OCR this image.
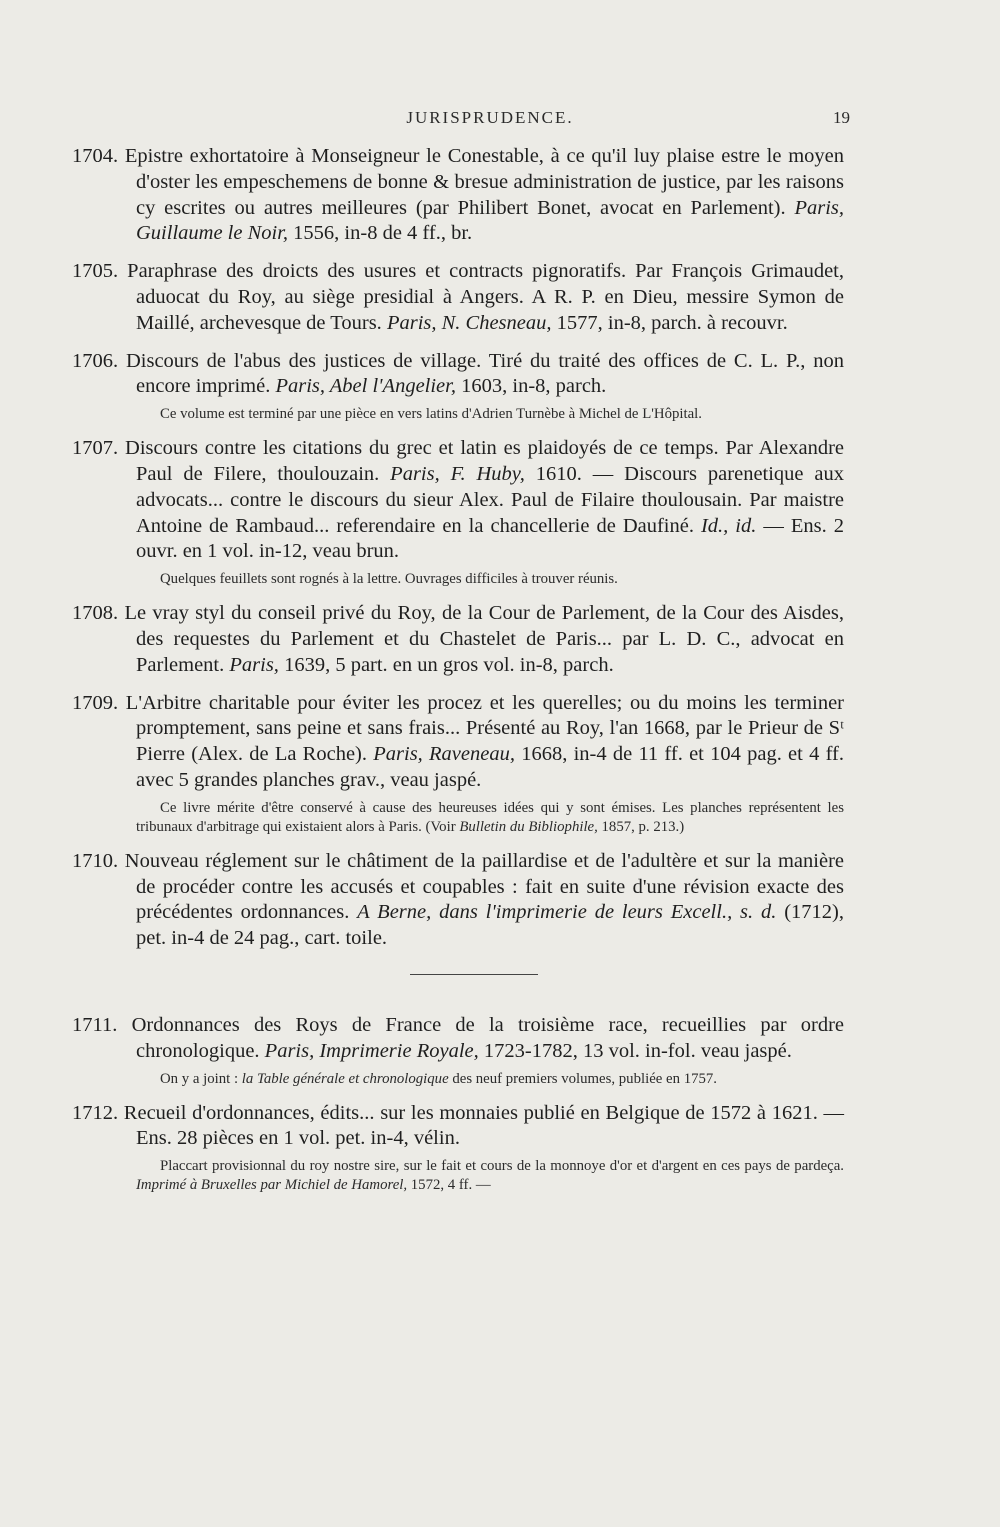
JURISPRUDENCE.	19
1704. Epistre exhortatoire à Monseigneur le Conestable, à ce qu'il luy plaise estre le moyen d'oster les empeschemens de bonne & bresue administration de justice, par les raisons cy escrites ou autres meilleures (par Philibert Bonet, avocat en Parlement). Paris, Guillaume le Noir, 1556, in-8 de 4 ff., br.
1705. Paraphrase des droicts des usures et contracts pignoratifs. Par François Grimaudet, aduocat du Roy, au siège presidial à Angers. A R. P. en Dieu, messire Symon de Maillé, archevesque de Tours. Paris, N. Chesneau, 1577, in-8, parch. à recouvr.
1706. Discours de l'abus des justices de village. Tiré du traité des offices de C. L. P., non encore imprimé. Paris, Abel l'Angelier, 1603, in-8, parch.
Ce volume est terminé par une pièce en vers latins d'Adrien Turnèbe à Michel de L'Hôpital.
1707. Discours contre les citations du grec et latin es plaidoyés de ce temps. Par Alexandre Paul de Filere, thoulouzain. Paris, F. Huby, 1610. — Discours parenetique aux advocats... contre le discours du sieur Alex. Paul de Filaire thoulousain. Par maistre Antoine de Rambaud... referendaire en la chancellerie de Daufiné. Id., id. — Ens. 2 ouvr. en 1 vol. in-12, veau brun.
Quelques feuillets sont rognés à la lettre. Ouvrages difficiles à trouver réunis.
1708. Le vray styl du conseil privé du Roy, de la Cour de Parlement, de la Cour des Aisdes, des requestes du Parlement et du Chastelet de Paris... par L. D. C., advocat en Parlement. Paris, 1639, 5 part. en un gros vol. in-8, parch.
1709. L'Arbitre charitable pour éviter les procez et les querelles; ou du moins les terminer promptement, sans peine et sans frais... Présenté au Roy, l'an 1668, par le Prieur de Sᵗ Pierre (Alex. de La Roche). Paris, Raveneau, 1668, in-4 de 11 ff. et 104 pag. et 4 ff. avec 5 grandes planches grav., veau jaspé.
Ce livre mérite d'être conservé à cause des heureuses idées qui y sont émises. Les planches représentent les tribunaux d'arbitrage qui existaient alors à Paris. (Voir Bulletin du Bibliophile, 1857, p. 213.)
1710. Nouveau réglement sur le châtiment de la paillardise et de l'adultère et sur la manière de procéder contre les accusés et coupables : fait en suite d'une révision exacte des précédentes ordonnances. A Berne, dans l'imprimerie de leurs Excell., s. d. (1712), pet. in-4 de 24 pag., cart. toile.
1711. Ordonnances des Roys de France de la troisième race, recueillies par ordre chronologique. Paris, Imprimerie Royale, 1723-1782, 13 vol. in-fol. veau jaspé.
On y a joint : la Table générale et chronologique des neuf premiers volumes, publiée en 1757.
1712. Recueil d'ordonnances, édits... sur les monnaies publié en Belgique de 1572 à 1621. — Ens. 28 pièces en 1 vol. pet. in-4, vélin.
Placcart provisionnal du roy nostre sire, sur le fait et cours de la monnoye d'or et d'argent en ces pays de pardeça. Imprimé à Bruxelles par Michiel de Hamorel, 1572, 4 ff. —
